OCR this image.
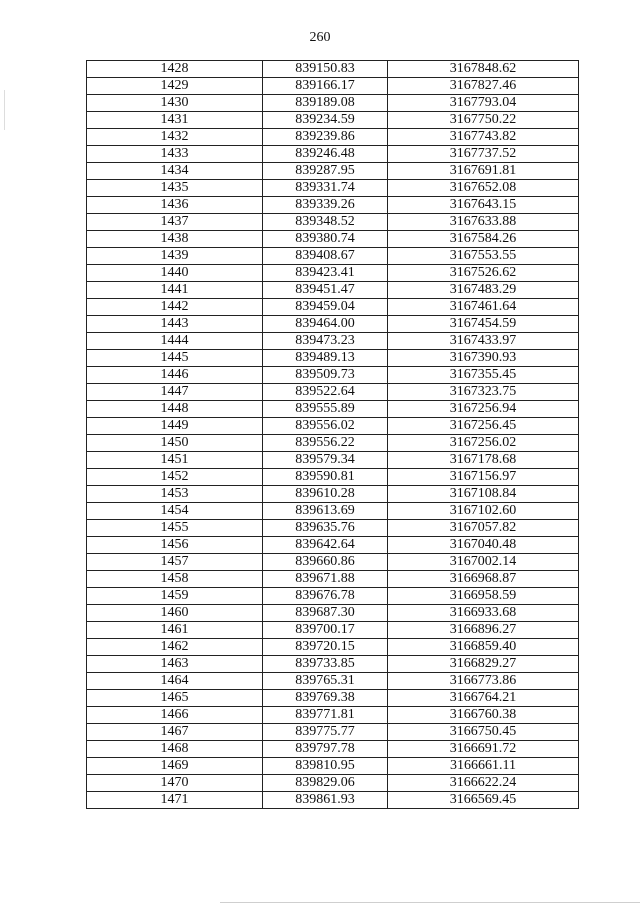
260
1428	839150.83	3167848.62
1429	839166.17	3167827.46
1430	839189.08	3167793.04
1431	839234.59	3167750.22
1432	839239.86	3167743.82
1433	839246.48	3167737.52
1434	839287.95	3167691.81
1435	839331.74	3167652.08
1436	839339.26	3167643.15
1437	839348.52	3167633.88
1438	839380.74	3167584.26
1439	839408.67	3167553.55
1440	839423.41	3167526.62
1441	839451.47	3167483.29
1442	839459.04	3167461.64
1443	839464.00	3167454.59
1444	839473.23	3167433.97
1445	839489.13	3167390.93
1446	839509.73	3167355.45
1447	839522.64	3167323.75
1448	839555.89	3167256.94
1449	839556.02	3167256.45
1450	839556.22	3167256.02
1451	839579.34	3167178.68
1452	839590.81	3167156.97
1453	839610.28	3167108.84
1454	839613.69	3167102.60
1455	839635.76	3167057.82
1456	839642.64	3167040.48
1457	839660.86	3167002.14
1458	839671.88	3166968.87
1459	839676.78	3166958.59
1460	839687.30	3166933.68
1461	839700.17	3166896.27
1462	839720.15	3166859.40
1463	839733.85	3166829.27
1464	839765.31	3166773.86
1465	839769.38	3166764.21
1466	839771.81	3166760.38
1467	839775.77	3166750.45
1468	839797.78	3166691.72
1469	839810.95	3166661.11
1470	839829.06	3166622.24
1471	839861.93	3166569.45
